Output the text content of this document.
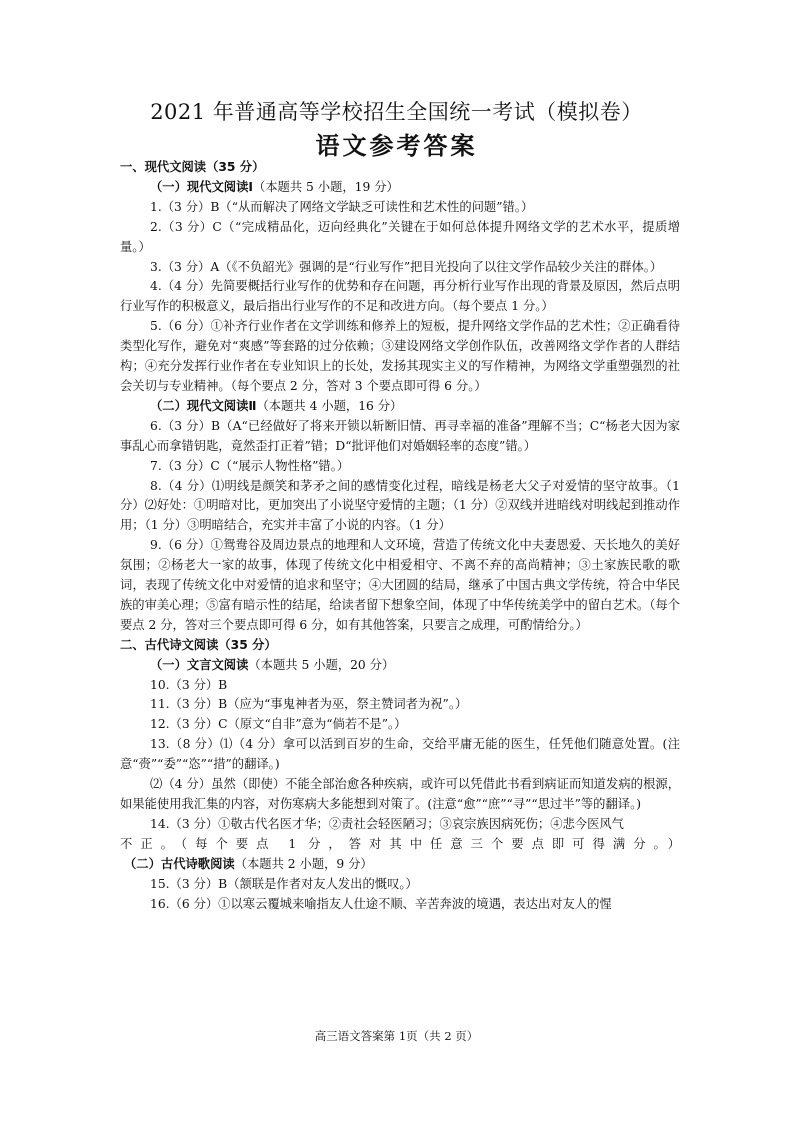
2021 年普通高等学校招生全国统一考试（模拟卷）
语文参考答案

一、现代文阅读（35 分）

（一）现代文阅读Ⅰ（本题共 5 小题，19 分）

1.（3 分）B（“从而解决了网络文学缺乏可读性和艺术性的问题”错。）

2.（3 分）C（“完成精品化，迈向经典化”关键在于如何总体提升网络文学的艺术水平，提质增量。）

3.（3 分）A（《不负韶光》强调的是“行业写作”把目光投向了以往文学作品较少关注的群体。）

4.（4 分）先简要概括行业写作的优势和存在问题，再分析行业写作出现的背景及原因，然后点明行业写作的积极意义，最后指出行业写作的不足和改进方向。（每个要点 1 分。）

5.（6 分）①补齐行业作者在文学训练和修养上的短板，提升网络文学作品的艺术性；②正确看待类型化写作，避免对“爽感”等套路的过分依赖；③建设网络文学创作队伍，改善网络文学作者的人群结构；④充分发挥行业作者在专业知识上的长处，发扬其现实主义的写作精神，为网络文学重塑强烈的社会关切与专业精神。（每个要点 2 分，答对 3 个要点即可得 6 分。）

（二）现代文阅读Ⅱ（本题共 4 小题，16 分）

6.（3 分）B（A“已经做好了将来开锁以斩断旧情、再寻幸福的准备”理解不当；C“杨老大因为家事乱心而拿错钥匙，竟然歪打正着”错；D“批评他们对婚姻轻率的态度”错。）

7.（3 分）C（“展示人物性格”错。）

8.（4 分）⑴明线是颜笑和茅矛之间的感情变化过程，暗线是杨老大父子对爱情的坚守故事。（1 分）⑵好处：①明暗对比，更加突出了小说坚守爱情的主题；（1 分）②双线并进暗线对明线起到推动作用；（1 分）③明暗结合，充实并丰富了小说的内容。（1 分）

9.（6 分）①鸳鸯谷及周边景点的地理和人文环境，营造了传统文化中夫妻恩爱、天长地久的美好氛围；②杨老大一家的故事，体现了传统文化中相爱相守、不离不弃的高尚精神；③土家族民歌的歌词，表现了传统文化中对爱情的追求和坚守；④大团圆的结局，继承了中国古典文学传统，符合中华民族的审美心理；⑤富有暗示性的结尾，给读者留下想象空间，体现了中华传统美学中的留白艺术。（每个要点 2 分，答对三个要点即可得 6 分，如有其他答案，只要言之成理，可酌情给分。）

二、古代诗文阅读（35 分）

（一）文言文阅读（本题共 5 小题，20 分）

10.（3 分）B

11.（3 分）B（应为“事鬼神者为巫，祭主赞词者为祝”。）

12.（3 分）C（原文“自非”意为“倘若不是”。）

13.（8 分）⑴（4 分）拿可以活到百岁的生命，交给平庸无能的医生，任凭他们随意处置。(注意“赍”“委”“恣”“措”的翻译。)

⑵（4 分）虽然（即使）不能全部治愈各种疾病，或许可以凭借此书看到病证而知道发病的根源，如果能使用我汇集的内容，对伤寒病大多能想到对策了。(注意“愈”“庶”“寻”“思过半”等的翻译。)

14.（3 分）①敬古代名医才华；②责社会轻医陋习；③哀宗族因病死伤；④悲今医风气

不正。（每个要点 1 分，答对其中任意三个要点即可得满分。）

（二）古代诗歌阅读（本题共 2 小题，9 分）

15.（3 分）B（颔联是作者对友人发出的慨叹。）

16.（6 分）①以寒云覆城来喻指友人仕途不顺、辛苦奔波的境遇，表达出对友人的惺

高三语文答案第 1页（共 2 页）
